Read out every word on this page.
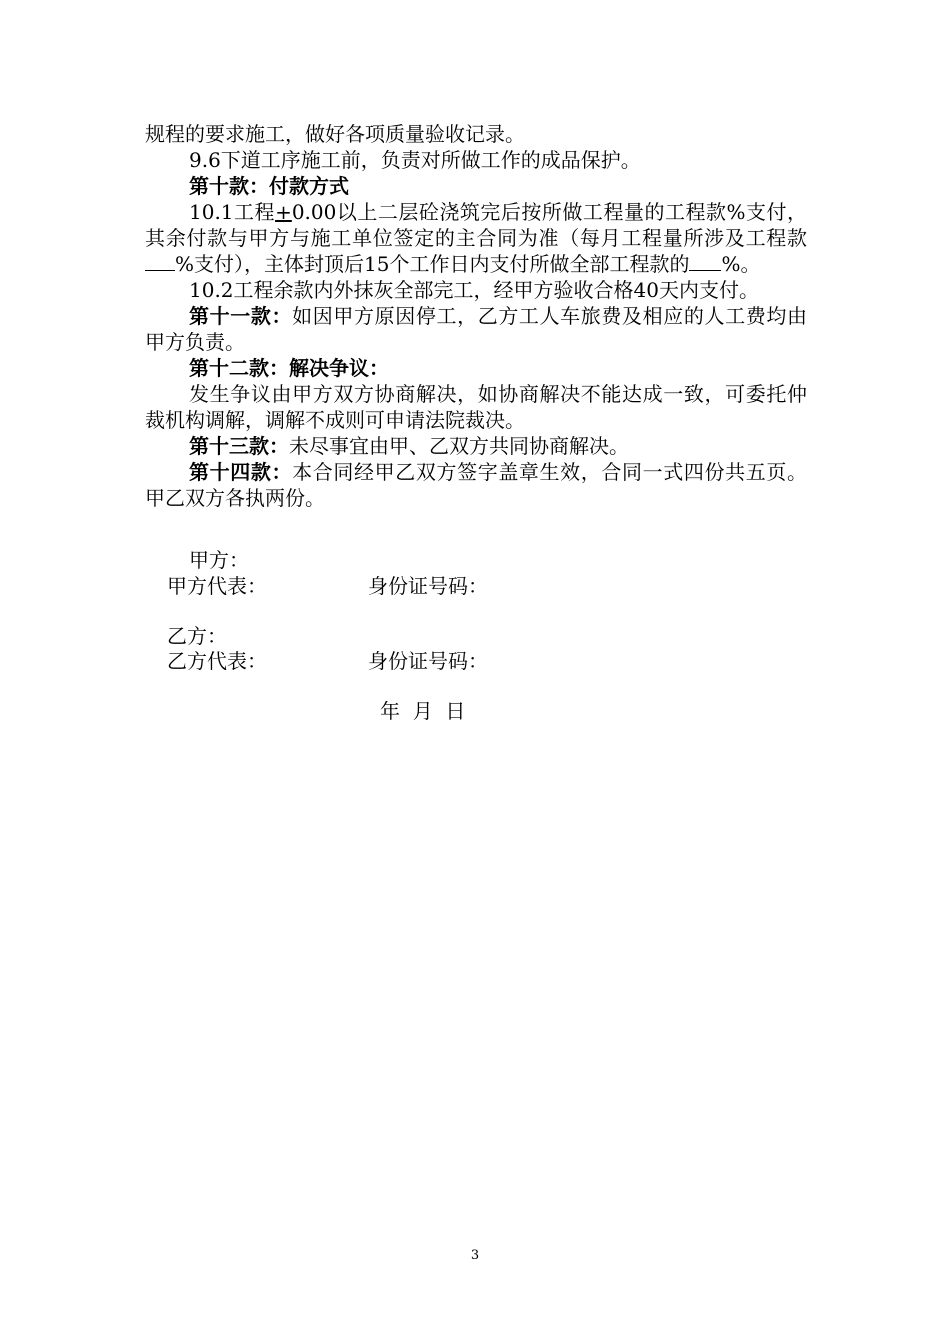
规程的要求施工，做好各项质量验收记录。

9.6下道工序施工前，负责对所做工作的成品保护。

第十款：付款方式

10.1工程+0.00以上二层砼浇筑完后按所做工程量的工程款%支付，其余付款与甲方与施工单位签定的主合同为准（每月工程量所涉及工程款%支付），主体封顶后15个工作日内支付所做全部工程款的 %。

10.2工程余款内外抹灰全部完工，经甲方验收合格40天内支付。

第十一款：如因甲方原因停工，乙方工人车旅费及相应的人工费均由甲方负责。

第十二款：解决争议：

发生争议由甲方双方协商解决，如协商解决不能达成一致，可委托仲裁机构调解，调解不成则可申请法院裁决。

第十三款：未尽事宜由甲、乙双方共同协商解决。

第十四款：本合同经甲乙双方签字盖章生效，合同一式四份共五页。甲乙双方各执两份。

甲方：
甲方代表：	身份证号码：
乙方：
乙方代表：	身份证号码：
年  月  日
3
